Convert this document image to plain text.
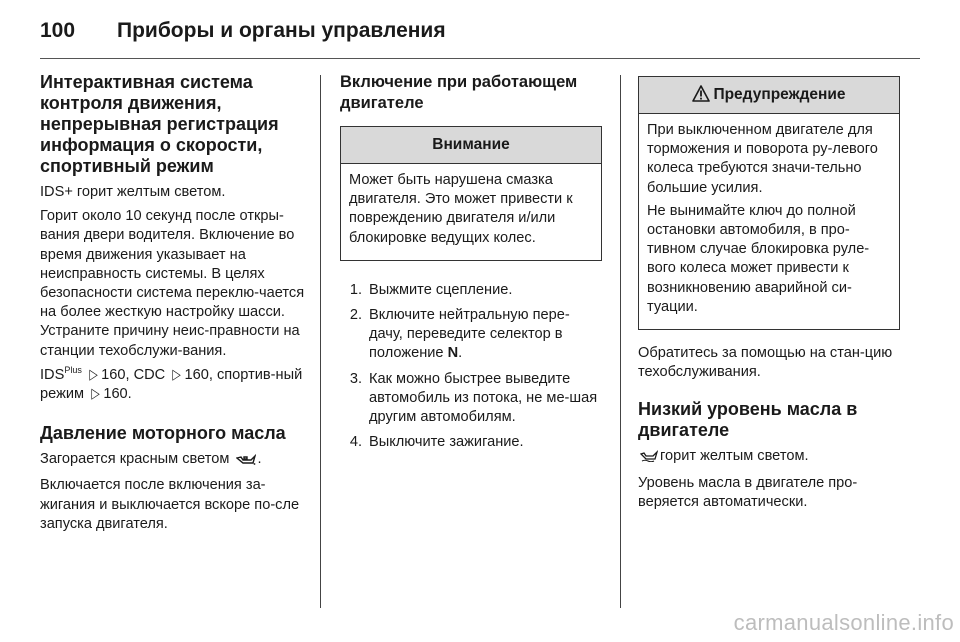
100	Приборы и органы управления
Интерактивная система контроля движения, непрерывная регистрация информация о скорости, спортивный режим

IDS+ горит желтым светом.

Горит около 10 секунд после откры-вания двери водителя. Включение во время движения указывает на неисправность системы. В целях безопасности система переклю-чается на более жесткую настройку шасси. Устраните причину неис-правности на станции техобслужи-вания.

$IDS^{Plus}$ ▷ 160, CDC ▷ 160, спортив-ный режим ▷ 160.

Давление моторного масла

Загорается красным светом .

Включается после включения за-жигания и выключается вскоре по-сле запуска двигателя.

Включение при работающем двигателе
Внимание

Может быть нарушена смазка двигателя. Это может привести к повреждению двигателя и/или блокировке ведущих колес.

1. Выжмите сцепление.
2. Включите нейтральную пере-дачу, переведите селектор в положение N.
3. Как можно быстрее выведите автомобиль из потока, не ме-шая другим автомобилям.
4. Выключите зажигание.
Предупреждение

При выключенном двигателе для торможения и поворота ру-левого колеса требуются значи-тельно большие усилия.

Не вынимайте ключ до полной остановки автомобиля, в про-тивном случае блокировка руле-вого колеса может привести к возникновению аварийной си-туации.

Обратитесь за помощью на стан-цию техобслуживания.

Низкий уровень масла в двигателе

горит желтым светом.

Уровень масла в двигателе про-веряется автоматически.

carmanualsonline.info
